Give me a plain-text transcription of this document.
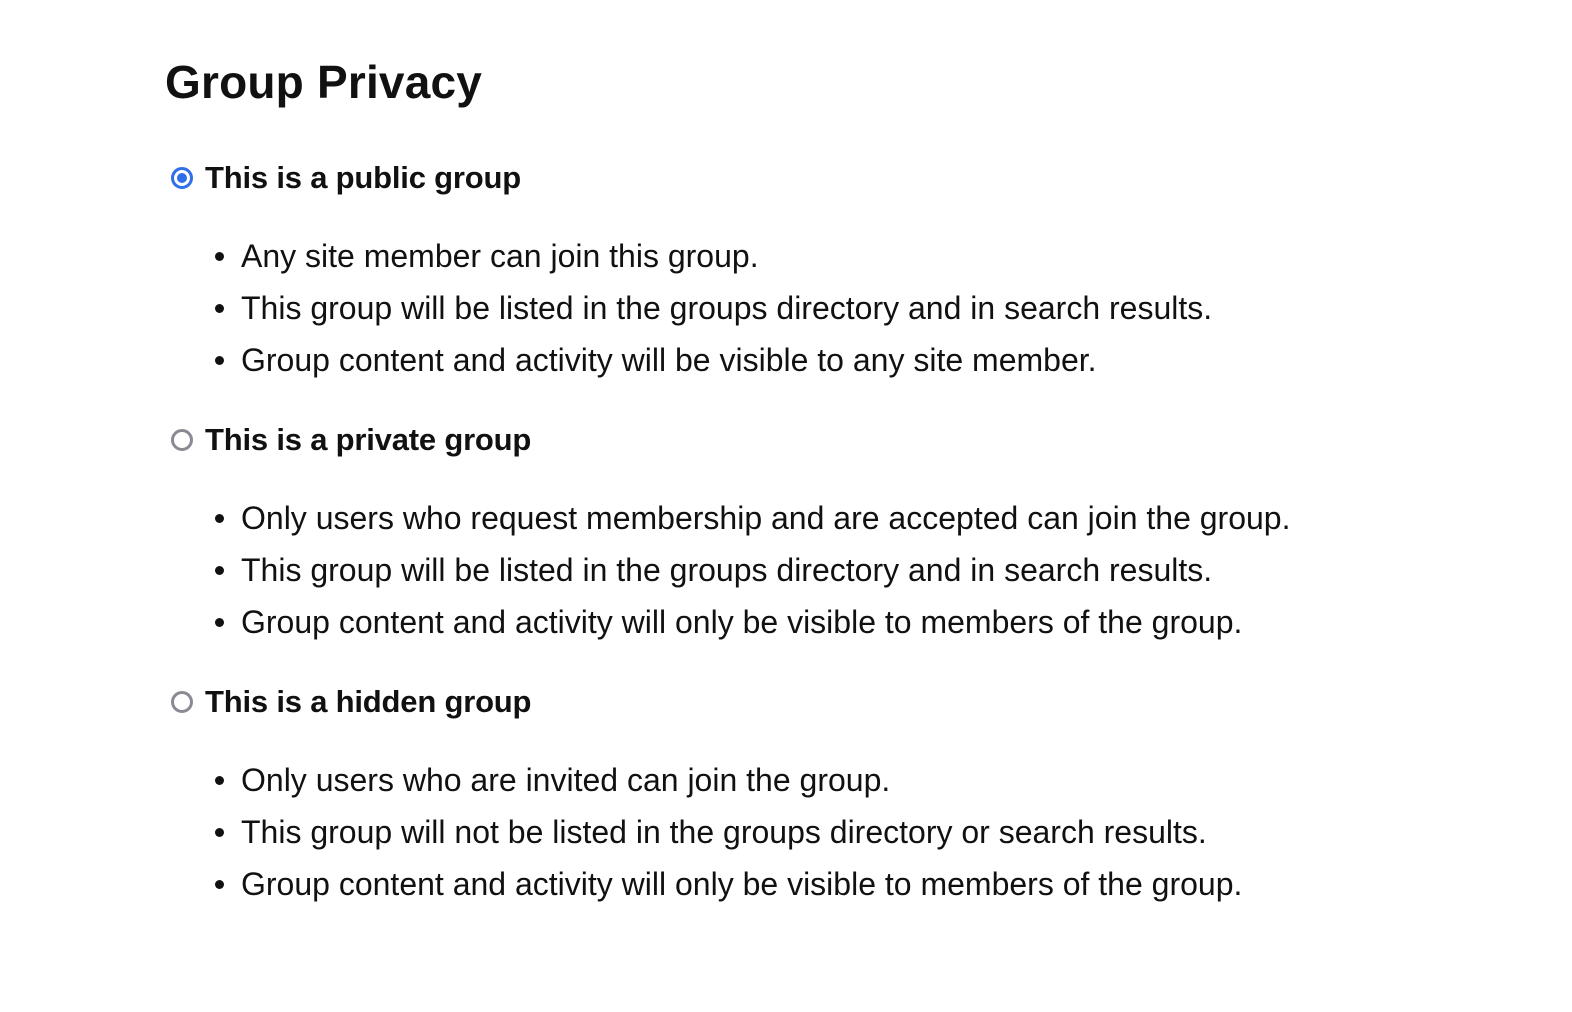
Group Privacy
This is a public group
Any site member can join this group.
This group will be listed in the groups directory and in search results.
Group content and activity will be visible to any site member.
This is a private group
Only users who request membership and are accepted can join the group.
This group will be listed in the groups directory and in search results.
Group content and activity will only be visible to members of the group.
This is a hidden group
Only users who are invited can join the group.
This group will not be listed in the groups directory or search results.
Group content and activity will only be visible to members of the group.
